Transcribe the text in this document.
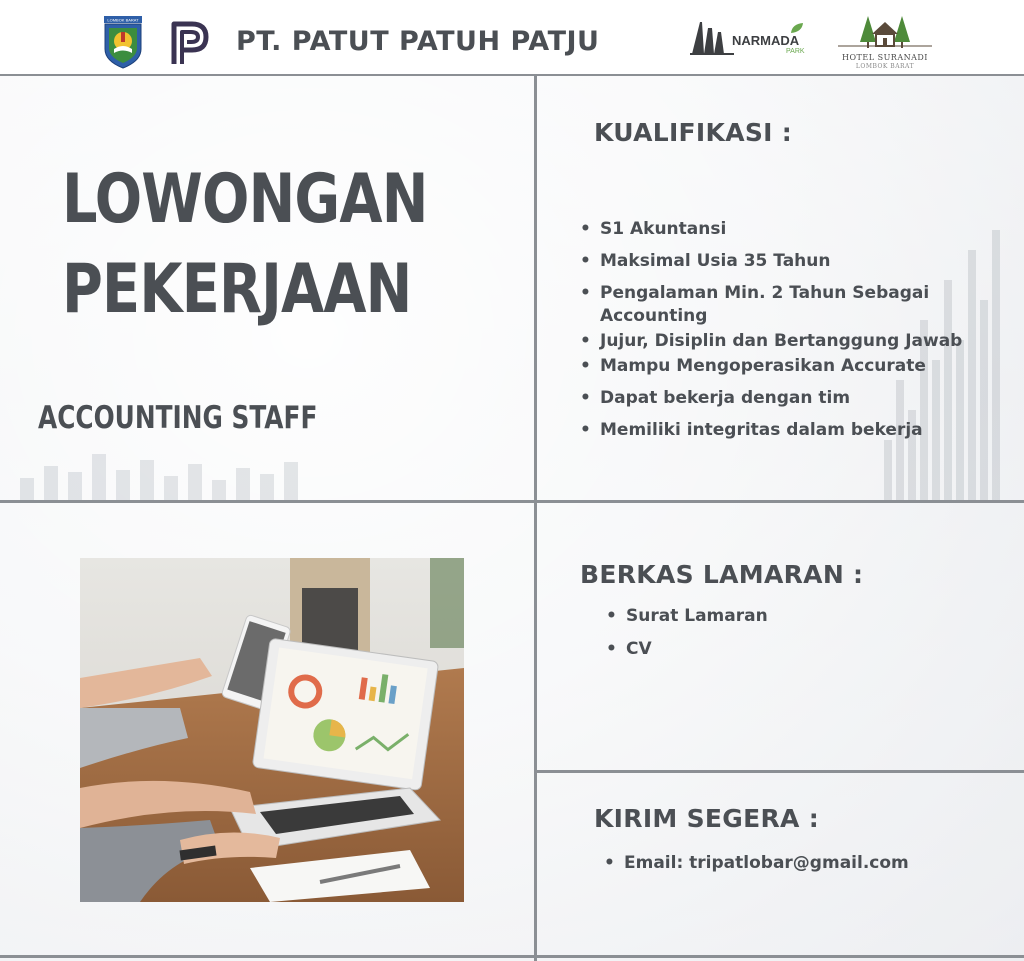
LOMBOK BARAT
PT. PATUT PATUH PATJU	NARMADA
PARK
HOTEL SURANADI
LOMBOK BARAT
LOWONGAN
PEKERJAAN
ACCOUNTING STAFF
KUALIFIKASI :
• S1 Akuntansi
• Maksimal Usia 35 Tahun
• Pengalaman Min. 2 Tahun Sebagai Accounting
• Jujur, Disiplin dan Bertanggung Jawab
• Mampu Mengoperasikan Accurate
• Dapat bekerja dengan tim
• Memiliki integritas dalam bekerja
BERKAS LAMARAN :
• Surat Lamaran
• CV
KIRIM SEGERA :
• Email: tripatlobar@gmail.com
